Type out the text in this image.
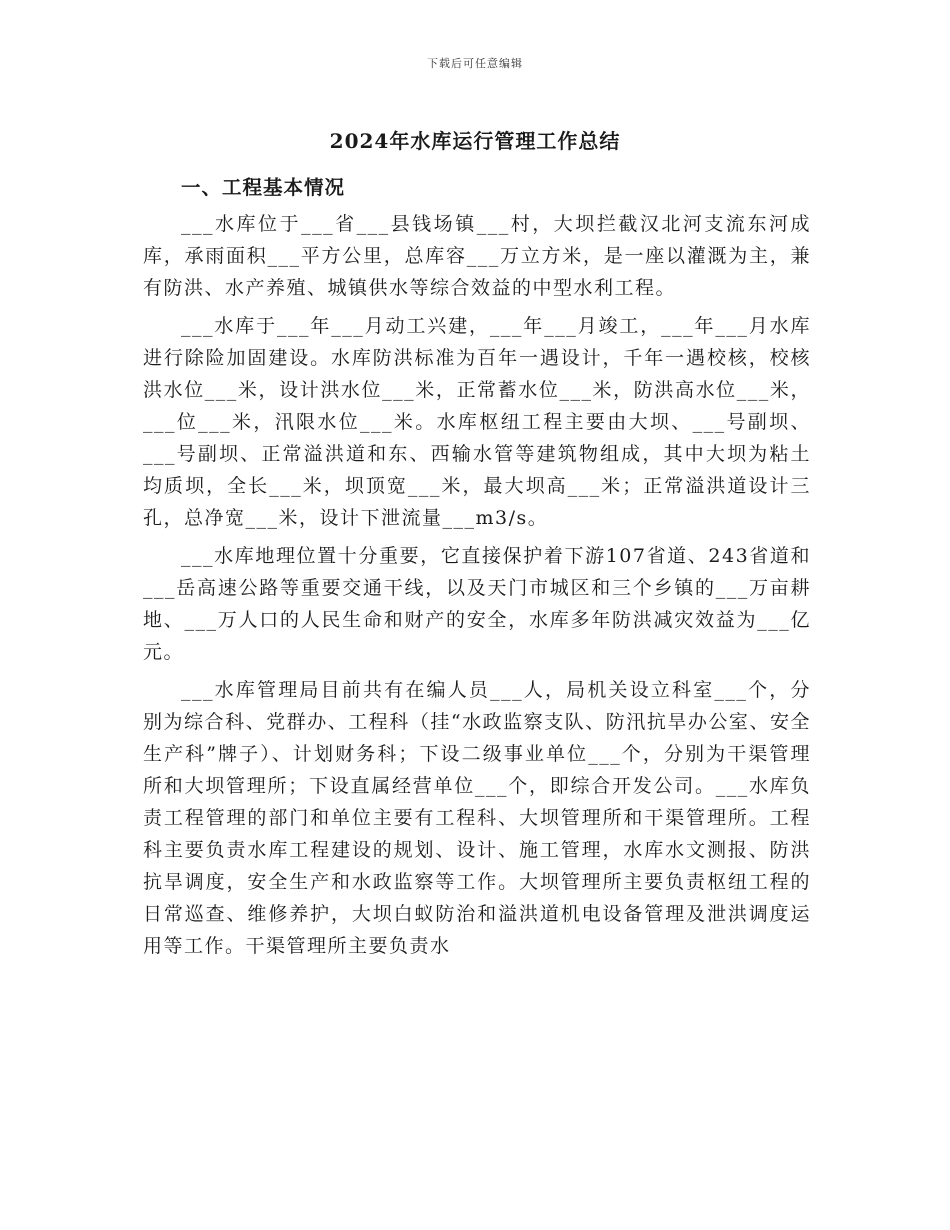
下载后可任意编辑
2024年水库运行管理工作总结
一、工程基本情况

___水库位于___省___县钱场镇___村，大坝拦截汉北河支流东河成库，承雨面积___平方公里，总库容___万立方米，是一座以灌溉为主，兼有防洪、水产养殖、城镇供水等综合效益的中型水利工程。

___水库于___年___月动工兴建，___年___月竣工，___年___月水库进行除险加固建设。水库防洪标准为百年一遇设计，千年一遇校核，校核洪水位___米，设计洪水位___米，正常蓄水位___米，防洪高水位___米，___位___米，汛限水位___米。水库枢纽工程主要由大坝、___号副坝、___号副坝、正常溢洪道和东、西输水管等建筑物组成，其中大坝为粘土均质坝，全长___米，坝顶宽___米，最大坝高___米；正常溢洪道设计三孔，总净宽___米，设计下泄流量___m3/s。

___水库地理位置十分重要，它直接保护着下游107省道、243省道和___岳高速公路等重要交通干线，以及天门市城区和三个乡镇的___万亩耕地、___万人口的人民生命和财产的安全，水库多年防洪减灾效益为___亿元。

___水库管理局目前共有在编人员___人，局机关设立科室___个，分别为综合科、党群办、工程科（挂“水政监察支队、防汛抗旱办公室、安全生产科”牌子）、计划财务科；下设二级事业单位___个，分别为干渠管理所和大坝管理所；下设直属经营单位___个，即综合开发公司。___水库负责工程管理的部门和单位主要有工程科、大坝管理所和干渠管理所。工程科主要负责水库工程建设的规划、设计、施工管理，水库水文测报、防洪抗旱调度，安全生产和水政监察等工作。大坝管理所主要负责枢纽工程的日常巡查、维修养护，大坝白蚁防治和溢洪道机电设备管理及泄洪调度运用等工作。干渠管理所主要负责水
